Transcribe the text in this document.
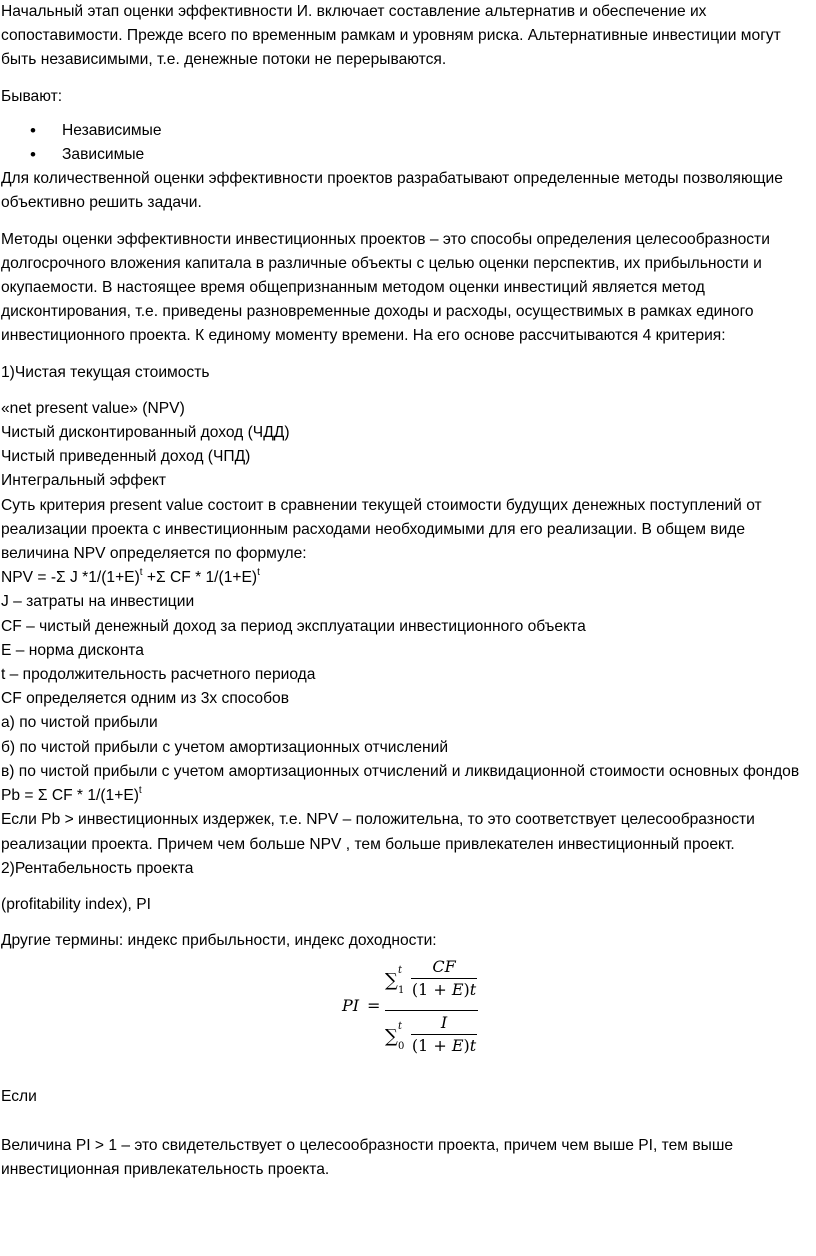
Начальный этап оценки эффективности И. включает составление альтернатив и обеспечение их сопоставимости. Прежде всего по временным рамкам и уровням риска. Альтернативные инвестиции могут быть независимыми, т.е. денежные потоки не перерываются.

Бывают:

• Независимые
• Зависимые

Для количественной оценки эффективности проектов разрабатывают определенные методы позволяющие объективно решить задачи.

Методы оценки эффективности инвестиционных проектов – это способы определения целесообразности долгосрочного вложения капитала в различные объекты с целью оценки перспектив, их прибыльности и окупаемости. В настоящее время общепризнанным методом оценки инвестиций является метод дисконтирования, т.е. приведены разновременные доходы и расходы, осуществимых в рамках единого инвестиционного проекта. К единому моменту времени. На его основе рассчитываются 4 критерия:

1)Чистая текущая стоимость

«net present value» (NPV)

Чистый дисконтированный доход (ЧДД)

Чистый приведенный доход (ЧПД)

Интегральный эффект

Суть критерия present value состоит в сравнении текущей стоимости будущих денежных поступлений от реализации проекта с инвестиционным расходами необходимыми для его реализации. В общем виде величина NPV определяется по формуле:

NPV = -Σ J $*1/(1+E)^t +\Sigma$ CF * $1/(1+E)^t$

J – затраты на инвестиции

CF – чистый денежный доход за период эксплуатации инвестиционного объекта

E – норма дисконта

t – продолжительность расчетного периода

CF определяется одним из 3х способов

а) по чистой прибыли

б) по чистой прибыли с учетом амортизационных отчислений

в) по чистой прибыли с учетом амортизационных отчислений и ликвидационной стоимости основных фондов

Pb = Σ CF * $1/(1+E)^t$

Если Pb > инвестиционных издержек, т.е. NPV – положительна, то это соответствует целесообразности реализации проекта. Причем чем больше NPV , тем больше привлекателен инвестиционный проект.

2)Рентабельность проекта

(profitability index), PI

Другие термины: индекс прибыльности, индекс доходности:

PI =
∑ t
1
CF
(1 + E)t
∑ t
0
I
(1 + E)t

Если

Величина PI > 1 – это свидетельствует о целесообразности проекта, причем чем выше PI, тем выше инвестиционная привлекательность проекта.
